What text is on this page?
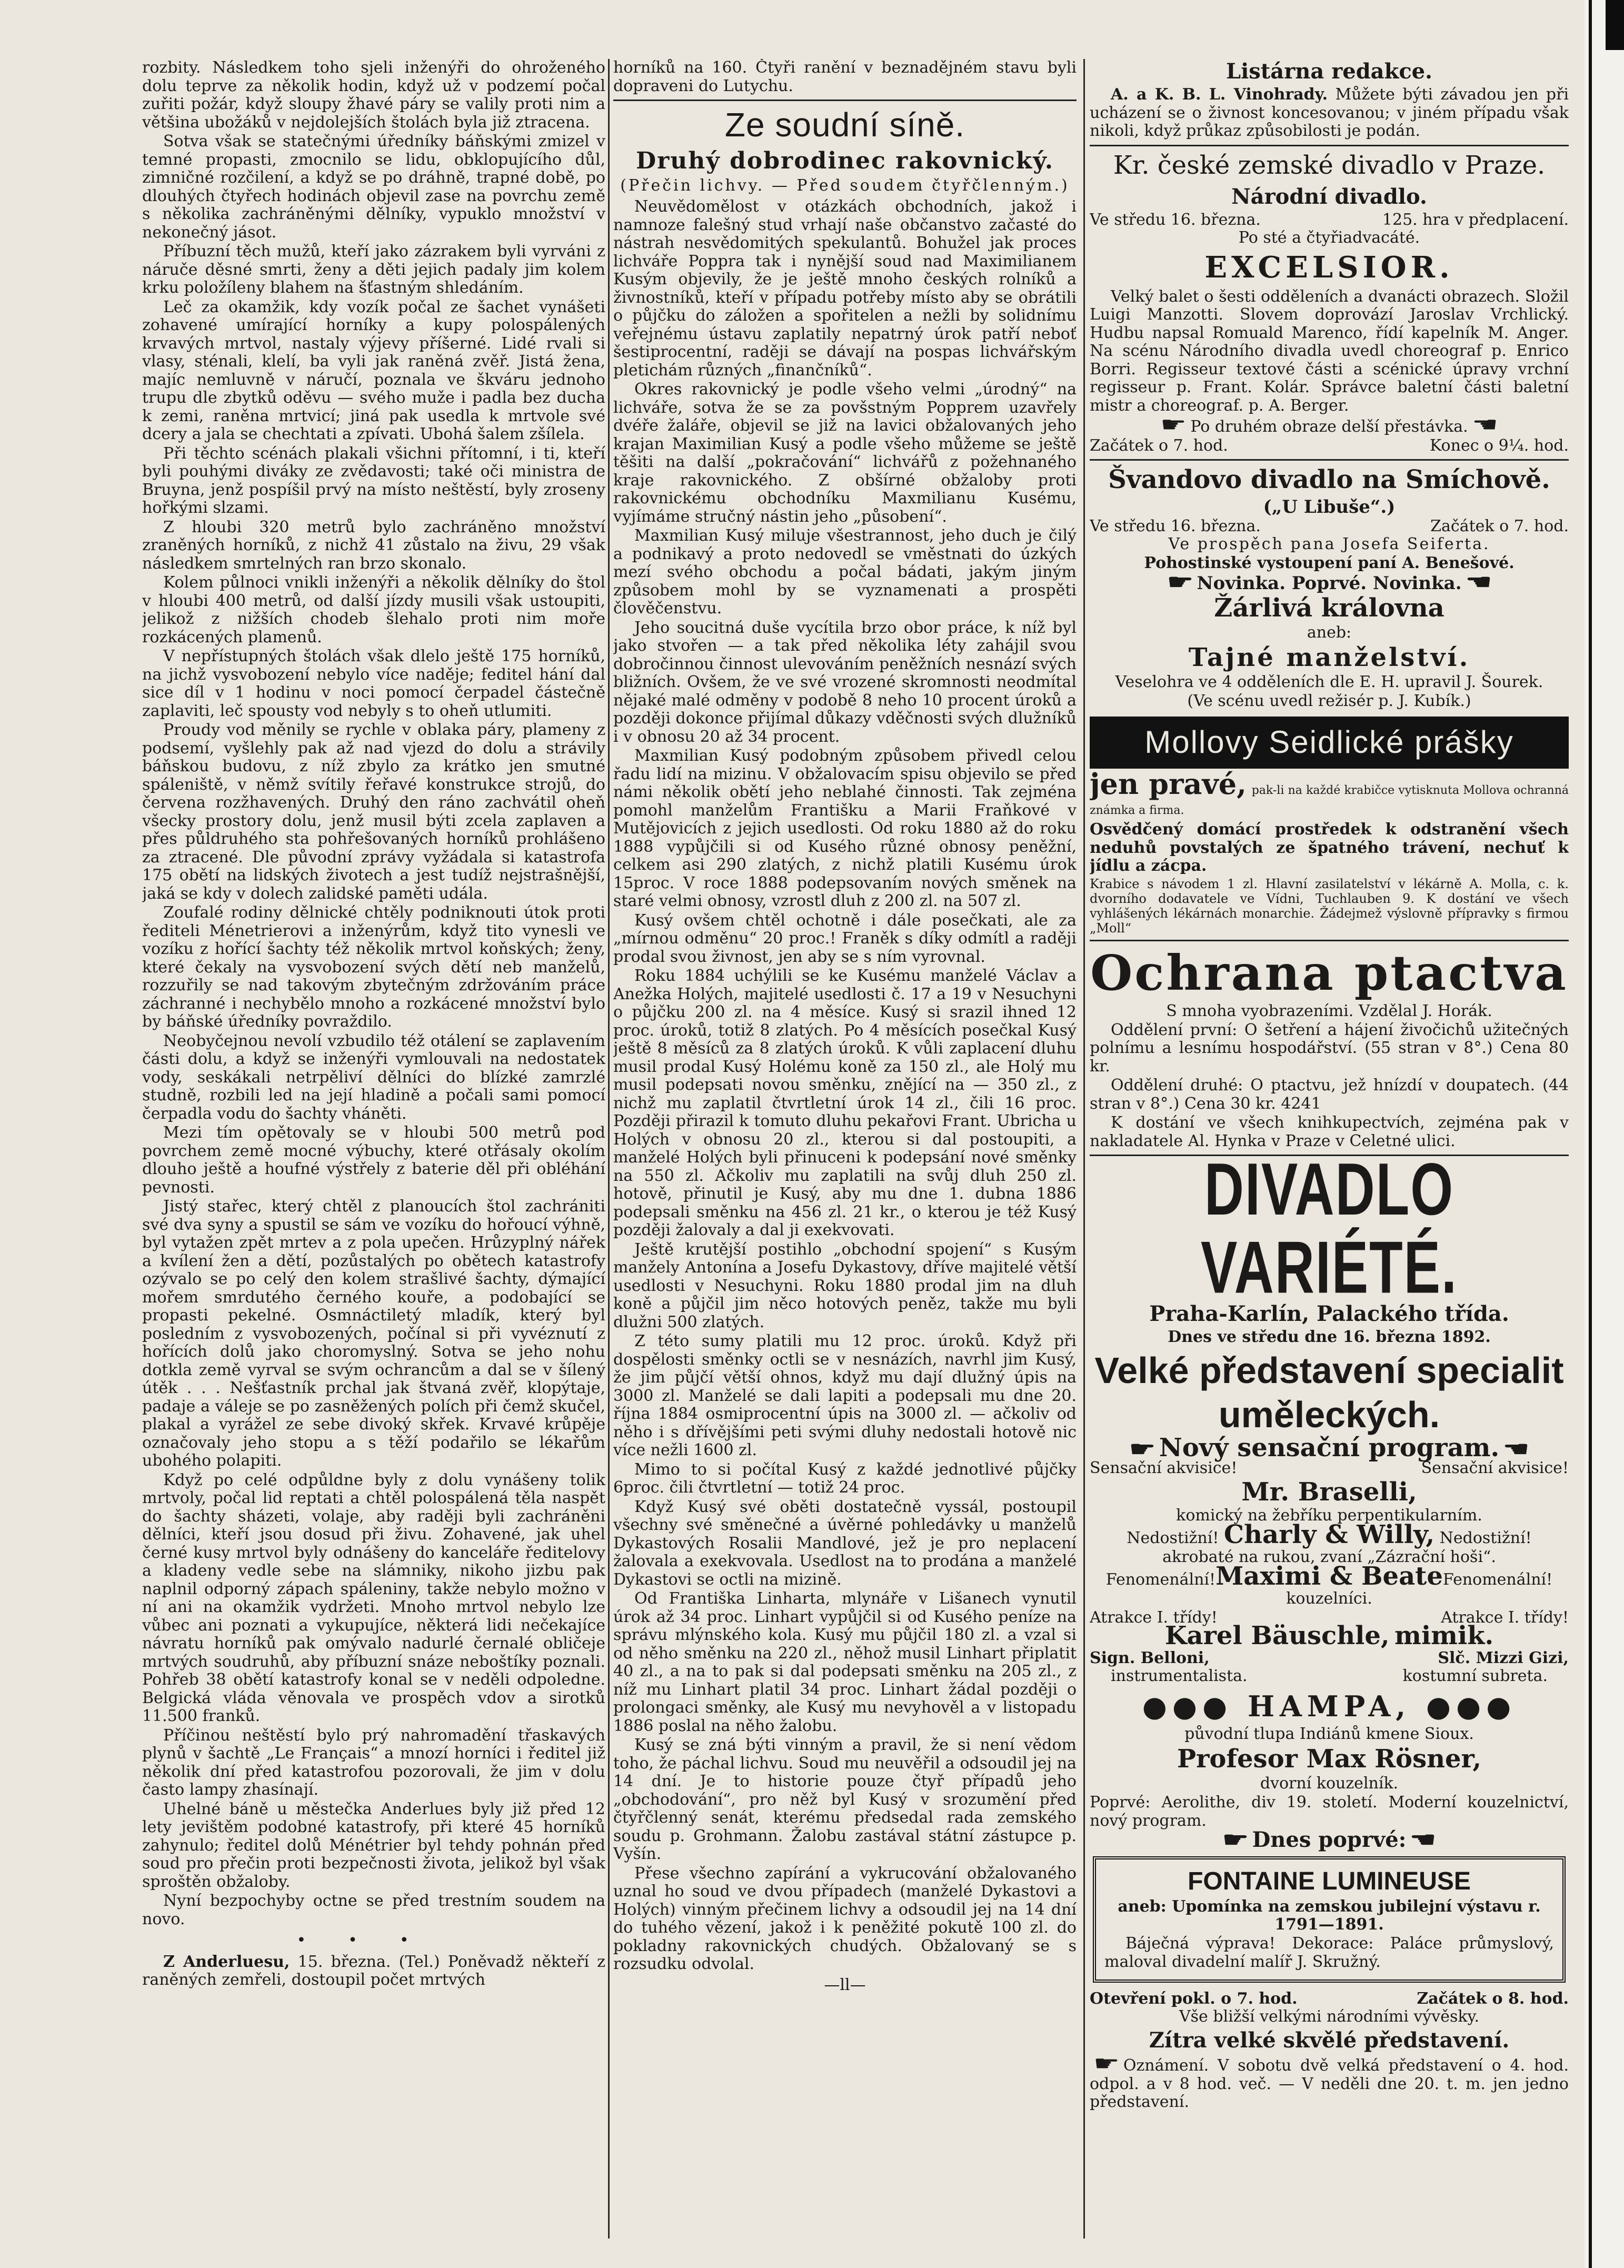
rozbity. Následkem toho sjeli inženýři do ohroženého dolu teprve za několik hodin, když už v podzemí počal zuřiti požár, když sloupy žhavé páry se valily proti nim a většina ubožáků v nejdolejších štolách byla již ztracena.

Sotva však se statečnými úředníky báňskými zmizel v temné propasti, zmocnilo se lidu, obklopujícího důl, zimničné rozčilení, a když se po dráhně, trapné době, po dlouhých čtyřech hodinách objevil zase na povrchu země s několika zachráněnými dělníky, vypuklo množství v nekonečný jásot.

Příbuzní těch mužů, kteří jako zázrakem byli vyrváni z náruče děsné smrti, ženy a děti jejich padaly jim kolem krku položíleny blahem na šťastným shledáním.

Leč za okamžik, kdy vozík počal ze šachet vynášeti zohavené umírající horníky a kupy polospálených krvavých mrtvol, nastaly výjevy příšerné. Lidé rvali si vlasy, sténali, klelí, ba vyli jak raněná zvěř. Jistá žena, majíc nemluvně v náručí, poznala ve škváru jednoho trupu dle zbytků oděvu — svého muže i padla bez ducha k zemi, raněna mrtvicí; jiná pak usedla k mrtvole své dcery a jala se chechtati a zpívati. Ubohá šalem zšílela.

Při těchto scénách plakali všichni přítomní, i ti, kteří byli pouhými diváky ze zvědavosti; také oči ministra de Bruyna, jenž pospíšil prvý na místo neštěstí, byly zroseny hořkými slzami.

Z hloubi 320 metrů bylo zachráněno množství zraněných horníků, z nichž 41 zůstalo na živu, 29 však následkem smrtelných ran brzo skonalo.

Kolem půlnoci vnikli inženýři a několik dělníky do štol v hloubi 400 metrů, od další jízdy musili však ustoupiti, jelikož z nižších chodeb šlehalo proti nim moře rozkácených plamenů.

V nepřístupných štolách však dlelo ještě 175 horníků, na jichž vysvobození nebylo více naděje; feditel hání dal sice díl v 1 hodinu v noci pomocí čerpadel částečně zaplaviti, leč spousty vod nebyly s to oheň utlumiti.

Proudy vod měnily se rychle v oblaka páry, plameny z podsemí, vyšlehly pak až nad vjezd do dolu a strávily báňskou budovu, z níž zbylo za krátko jen smutné spáleniště, v němž svítily řeřavé konstrukce strojů, do červena rozžhavených. Druhý den ráno zachvátil oheň všecky prostory dolu, jenž musil býti zcela zaplaven a přes půldruhého sta pohřešovaných horníků prohlášeno za ztracené. Dle původní zprávy vyžádala si katastrofa 175 obětí na lidských životech a jest tudíž nejstrašnější, jaká se kdy v dolech zalidské paměti udála.

Zoufalé rodiny dělnické chtěly podniknouti útok proti řediteli Ménetrierovi a inženýrům, když tito vynesli ve vozíku z hořící šachty též několik mrtvol koňských; ženy, které čekaly na vysvobození svých dětí neb manželů, rozzuřily se nad takovým zbytečným zdržováním práce záchranné i nechybělo mnoho a rozkácené množství bylo by báňské úředníky povraždilo.

Neobyčejnou nevolí vzbudilo též otálení se zaplavením části dolu, a když se inženýři vymlouvali na nedostatek vody, seskákali netrpěliví dělníci do blízké zamrzlé studně, rozbili led na její hladině a počali sami pomocí čerpadla vodu do šachty vháněti.

Mezi tím opětovaly se v hloubi 500 metrů pod povrchem země mocné výbuchy, které otřásaly okolím dlouho ještě a houfné výstřely z baterie děl při obléhání pevnosti.

Jistý stařec, který chtěl z planoucích štol zachrániti své dva syny a spustil se sám ve vozíku do hořoucí výhně, byl vytažen zpět mrtev a z pola upečen. Hrůzyplný nářek a kvílení žen a dětí, pozůstalých po obětech katastrofy ozývalo se po celý den kolem strašlivé šachty, dýmající mořem smrdutého černého kouře, a podobající se propasti pekelné. Osmnáctiletý mladík, který byl posledním z vysvobozených, počínal si při vyvéznutí z hořících dolů jako choromyslný. Sotva se jeho nohu dotkla země vyrval se svým ochrancům a dal se v šílený útěk . . . Nešťastník prchal jak štvaná zvěř, klopýtaje, padaje a váleje se po zasněžených polích při čemž skučel, plakal a vyrážel ze sebe divoký skřek. Krvavé krůpěje označovaly jeho stopu a s těží podařilo se lékařům ubohého polapiti.

Když po celé odpůldne byly z dolu vynášeny tolik mrtvoly, počal lid reptati a chtěl polospálená těla naspět do šachty sházeti, volaje, aby raději byli zachráněni dělníci, kteří jsou dosud při živu. Zohavené, jak uhel černé kusy mrtvol byly odnášeny do kanceláře ředitelovy a kladeny vedle sebe na slámniky, nikoho jizbu pak naplnil odporný zápach spáleniny, takže nebylo možno v ní ani na okamžik vydržeti. Mnoho mrtvol nebylo lze vůbec ani poznati a vykupujíce, některá lidi nečekajíce návratu horníků pak omývalo nadurlé černalé obličeje mrtvých soudruhů, aby příbuzní snáze neboštíky poznali. Pohřeb 38 obětí katastrofy konal se v neděli odpoledne. Belgická vláda věnovala ve prospěch vdov a sirotků 11.500 franků.

Příčinou neštěstí bylo prý nahromadění třaskavých plynů v šachtě „Le Français“ a mnozí horníci i ředitel již několik dní před katastrofou pozorovali, že jim v dolu často lampy zhasínají.

Uhelné báně u městečka Anderlues byly již před 12 lety jevištěm podobné katastrofy, při které 45 horníků zahynulo; ředitel dolů Ménétrier byl tehdy pohnán před soud pro přečin proti bezpečnosti života, jelikož byl však sproštěn obžaloby.

Nyní bezpochyby octne se před trestním soudem na novo.

•••

Z Anderluesu, 15. března. (Tel.) Poněvadž někteří z raněných zemřeli, dostoupil počet mrtvých

horníků na 160. Čtyři ranění v beznadějném stavu byli dopraveni do Lutychu.

Ze soudní síně.
Druhý dobrodinec rakovnický.
(Přečin lichvy. — Před soudem čtyřčlenným.)

Neuvědomělost v otázkách obchodních, jakož i namnoze falešný stud vrhají naše občanstvo začasté do nástrah nesvědomitých spekulantů. Bohužel jak proces lichváře Poppra tak i nynější soud nad Maximilianem Kusým objevily, že je ještě mnoho českých rolníků a živnostníků, kteří v případu potřeby místo aby se obrátili o půjčku do záložen a spořitelen a nežli by solidnímu veřejnému ústavu zaplatily nepatrný úrok patří neboť šestiprocentní, raději se dávají na pospas lichvářským pletichám různých „finančníků“.

Okres rakovnický je podle všeho velmi „úrodný“ na lichváře, sotva že se za povšstným Popprem uzavřely dvéře žaláře, objevil se již na lavici obžalovaných jeho krajan Maximilian Kusý a podle všeho můžeme se ještě těšiti na další „pokračování“ lichvářů z požehnaného kraje rakovnického. Z obšírné obžaloby proti rakovnickému obchodníku Maxmilianu Kusému, vyjímáme stručný nástin jeho „působení“.

Maxmilian Kusý miluje všestrannost, jeho duch je čilý a podnikavý a proto nedovedl se vměstnati do úzkých mezí svého obchodu a počal bádati, jakým jiným způsobem mohl by se vyznamenati a prospěti člověčenstvu.

Jeho soucitná duše vycítila brzo obor práce, k níž byl jako stvořen — a tak před několika léty zahájil svou dobročinnou činnost ulevováním peněžních nesnází svých bližních. Ovšem, že ve své vrozené skromnosti neodmítal nějaké malé odměny v podobě 8 neho 10 procent úroků a později dokonce přijímal důkazy vděčnosti svých dlužníků i v obnosu 20 až 34 procent.

Maxmilian Kusý podobným způsobem přivedl celou řadu lidí na mizinu. V obžalovacím spisu objevilo se před námi několik obětí jeho neblahé činnosti. Tak zejména pomohl manželům Františku a Marii Fraňkové v Mutějovicích z jejich usedlosti. Od roku 1880 až do roku 1888 vypůjčili si od Kusého různé obnosy peněžní, celkem asi 290 zlatých, z nichž platili Kusému úrok 15proc. V roce 1888 podepsovaním nových směnek na staré velmi obnosy, vzrostl dluh z 200 zl. na 507 zl.

Kusý ovšem chtěl ochotně i dále posečkati, ale za „mírnou odměnu“ 20 proc.! Franěk s díky odmítl a raději prodal svou živnost, jen aby se s ním vyrovnal.

Roku 1884 uchýlili se ke Kusému manželé Václav a Anežka Holých, majitelé usedlosti č. 17 a 19 v Nesuchyni o půjčku 200 zl. na 4 měsíce. Kusý si srazil ihned 12 proc. úroků, totiž 8 zlatých. Po 4 měsících posečkal Kusý ještě 8 měsíců za 8 zlatých úroků. K vůli zaplacení dluhu musil prodal Kusý Holému koně za 150 zl., ale Holý mu musil podepsati novou směnku, znějící na — 350 zl., z nichž mu zaplatil čtvrtletní úrok 14 zl., čili 16 proc. Později přirazil k tomuto dluhu pekařovi Frant. Ubricha u Holých v obnosu 20 zl., kterou si dal postoupiti, a manželé Holých byli přinuceni k podepsání nové směnky na 550 zl. Ačkoliv mu zaplatili na svůj dluh 250 zl. hotově, přinutil je Kusý, aby mu dne 1. dubna 1886 podepsali směnku na 456 zl. 21 kr., o kterou je též Kusý později žalovaly a dal ji exekvovati.

Ještě krutější postihlo „obchodní spojení“ s Kusým manžely Antonína a Josefu Dykastovy, dříve majitelé větší usedlosti v Nesuchyni. Roku 1880 prodal jim na dluh koně a půjčil jim něco hotových peněz, takže mu byli dlužni 500 zlatých.

Z této sumy platili mu 12 proc. úroků. Když při dospělosti směnky octli se v nesnázích, navrhl jim Kusý, že jim půjčí větší ohnos, když mu dají dlužný úpis na 3000 zl. Manželé se dali lapiti a podepsali mu dne 20. října 1884 osmiprocentní úpis na 3000 zl. — ačkoliv od něho i s dřívějšími peti svými dluhy nedostali hotově nic více nežli 1600 zl.

Mimo to si počítal Kusý z každé jednotlivé půjčky 6proc. čili čtvrtletní — totiž 24 proc.

Když Kusý své oběti dostatečně vyssál, postoupil všechny své směnečné a úvěrné pohledávky u manželů Dykastových Rosalii Mandlové, jež je pro neplacení žalovala a exekvovala. Usedlost na to prodána a manželé Dykastovi se octli na mizině.

Od Františka Linharta, mlynáře v Lišanech vynutil úrok až 34 proc. Linhart vypůjčil si od Kusého peníze na správu mlýnského kola. Kusý mu půjčil 180 zl. a vzal si od něho směnku na 220 zl., něhož musil Linhart připlatit 40 zl., a na to pak si dal podepsati směnku na 205 zl., z níž mu Linhart platil 34 proc. Linhart žádal později o prolongaci směnky, ale Kusý mu nevyhověl a v listopadu 1886 poslal na něho žalobu.

Kusý se zná býti vinným a pravil, že si není vědom toho, že páchal lichvu. Soud mu neuvěřil a odsoudil jej na 14 dní. Je to historie pouze čtyř případů jeho „obchodování“, pro něž byl Kusý v srozumění před čtyřčlenný senát, kterému předsedal rada zemského soudu p. Grohmann. Žalobu zastával státní zástupce p. Vyšín.

Přese všechno zapírání a vykrucování obžalovaného uznal ho soud ve dvou případech (manželé Dykastovi a Holých) vinným přečinem lichvy a odsoudil jej na 14 dní do tuhého vězení, jakož i k peněžité pokutě 100 zl. do pokladny rakovnických chudých. Obžalovaný se s rozsudku odvolal.

—ll—
Listárna redakce.

A. a K. B. L. Vinohrady. Můžete býti závadou jen při ucházení se o živnost koncesovanou; v jiném případu však nikoli, když průkaz způsobilosti je podán.

Kr. české zemské divadlo v Praze.
Národní divadlo.
Ve středu 16. března.	125. hra v předplacení.
Po sté a čtyřiadvacáté.
EXCELSIOR.

Velký balet o šesti odděleních a dvanácti obrazech. Složil Luigi Manzotti. Slovem doprovází Jaroslav Vrchlický. Hudbu napsal Romuald Marenco, řídí kapelník M. Anger. Na scénu Národního divadla uvedl choreograf p. Enrico Borri. Regisseur textové části a scénické úpravy vrchní regisseur p. Frant. Kolár. Správce baletní části baletní mistr a choreograf. p. A. Berger.

☛ Po druhém obraze delší přestávka. ☚
Začátek o 7. hod.	Konec o 9¼. hod.
Švandovo divadlo na Smíchově.
(„U Libuše“.)
Ve středu 16. března.	Začátek o 7. hod.
Ve prospěch pana Josefa Seiferta.
Pohostinské vystoupení paní A. Benešové.
☛ Novinka. Poprvé. Novinka. ☚
Žárlivá královna
aneb:
Tajné manželství.
Veselohra ve 4 odděleních dle E. H. upravil J. Šourek.
(Ve scénu uvedl režisér p. J. Kubík.)
Mollovy Seidlické prášky

jen pravé, pak-li na každé krabičce vytisknuta Mollova ochranná známka a firma.

Osvědčený domácí prostředek k odstranění všech neduhů povstalých ze špatného trávení, nechuť k jídlu a zácpa.

Krabice s návodem 1 zl. Hlavní zasilatelství v lékárně A. Molla, c. k. dvorního dodavatele ve Vídni, Tuchlauben 9. K dostání ve všech vyhlášených lékárnách monarchie. Žádejmež výslovně přípravky s firmou „Moll“

Ochrana ptactva
S mnoha vyobrazeními. Vzdělal J. Horák.

Oddělení první: O šetření a hájení živočichů užitečných polnímu a lesnímu hospodářství. (55 stran v 8°.) Cena 80 kr.

Oddělení druhé: O ptactvu, jež hnízdí v doupatech. (44 stran v 8°.) Cena 30 kr. 4241

K dostání ve všech knihkupectvích, zejména pak v nakladatele Al. Hynka v Praze v Celetné ulici.

DIVADLO VARIÉTÉ.
Praha-Karlín, Palackého třída.
Dnes ve středu dne 16. března 1892.
Velké představení specialit uměleckých.
☛ Nový sensační program. ☚
Sensační akvisice!	Sensační akvisice!
Mr. Braselli,
komický na žebříku perpentikularním.
Nedostižní! Charly & Willy, Nedostižní!
akrobaté na rukou, zvaní „Zázrační hoši“.
Fenomenální!Maximi & BeateFenomenální!
kouzelníci.
Atrakce I. třídy!	Atrakce I. třídy!
Karel Bäuschle, mimik.
Sign. Belloni,	Slč. Mizzi Gizi,
instrumentalista.	kostumní subreta.
●●● HAMPA, ●●●
původní tlupa Indiánů kmene Sioux.
Profesor Max Rösner,
dvorní kouzelník.

Poprvé: Aerolithe, div 19. století. Moderní kouzelnictví, nový program.

☛ Dnes poprvé: ☚
FONTAINE LUMINEUSE
aneb: Upomínka na zemskou jubilejní výstavu r. 1791—1891.

Báječná výprava! Dekorace: Paláce průmyslový, maloval divadelní malíř J. Skružný.

Otevření pokl. o 7. hod.	Začátek o 8. hod.
Vše bližší velkými národními vývěsky.
Zítra velké skvělé představení.

☛ Oznámení. V sobotu dvě velká představení o 4. hod. odpol. a v 8 hod. več. — V neděli dne 20. t. m. jen jedno představení.
